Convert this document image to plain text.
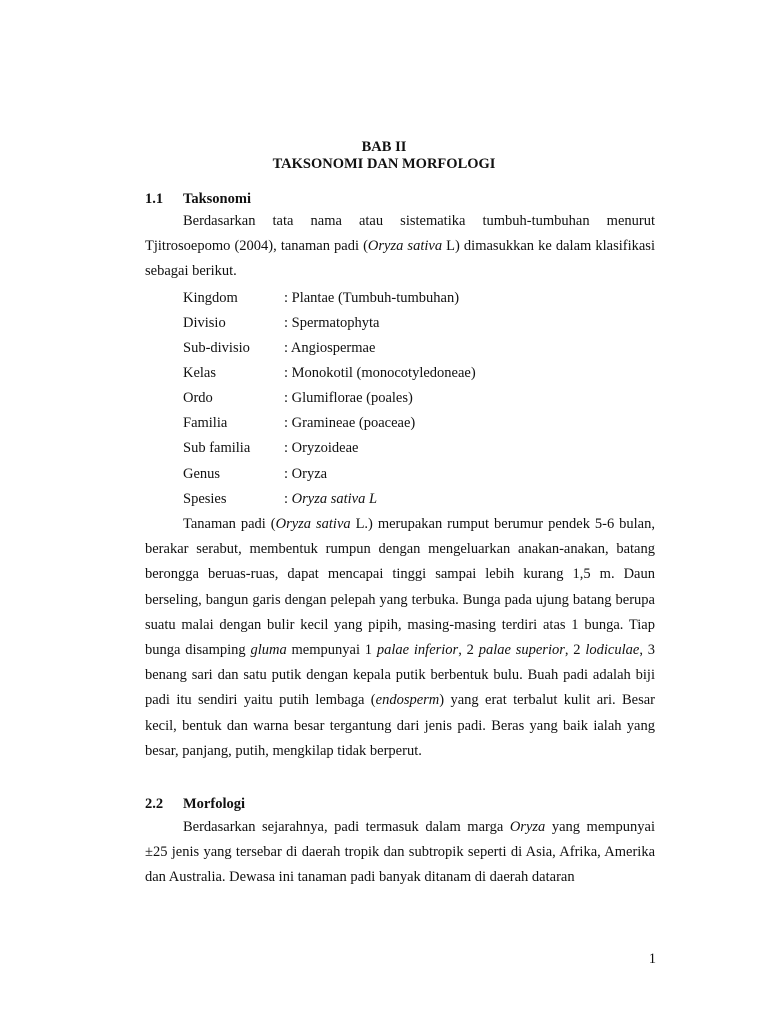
BAB II
TAKSONOMI DAN MORFOLOGI
1.1 Taksonomi
Berdasarkan tata nama atau sistematika tumbuh-tumbuhan menurut Tjitrosoepomo (2004), tanaman padi (Oryza sativa L) dimasukkan ke dalam klasifikasi sebagai berikut.
Kingdom	: Plantae (Tumbuh-tumbuhan)
Divisio	: Spermatophyta
Sub-divisio : Angiospermae
Kelas	: Monokotil (monocotyledoneae)
Ordo	: Glumiflorae (poales)
Familia	: Gramineae (poaceae)
Sub familia : Oryzoideae
Genus	: Oryza
Spesies	: Oryza sativa L
Tanaman padi (Oryza sativa L.) merupakan rumput berumur pendek 5-6 bulan, berakar serabut, membentuk rumpun dengan mengeluarkan anakan-anakan, batang berongga beruas-ruas, dapat mencapai tinggi sampai lebih kurang 1,5 m. Daun berseling, bangun garis dengan pelepah yang terbuka. Bunga pada ujung batang berupa suatu malai dengan bulir kecil yang pipih, masing-masing terdiri atas 1 bunga. Tiap bunga disamping gluma mempunyai 1 palae inferior, 2 palae superior, 2 lodiculae, 3 benang sari dan satu putik dengan kepala putik berbentuk bulu. Buah padi adalah biji padi itu sendiri yaitu putih lembaga (endosperm) yang erat terbalut kulit ari. Besar kecil, bentuk dan warna besar tergantung dari jenis padi. Beras yang baik ialah yang besar, panjang, putih, mengkilap tidak berperut.
2.2 Morfologi
Berdasarkan sejarahnya, padi termasuk dalam marga Oryza yang mempunyai ±25 jenis yang tersebar di daerah tropik dan subtropik seperti di Asia, Afrika, Amerika dan Australia. Dewasa ini tanaman padi banyak ditanam di daerah dataran
1
